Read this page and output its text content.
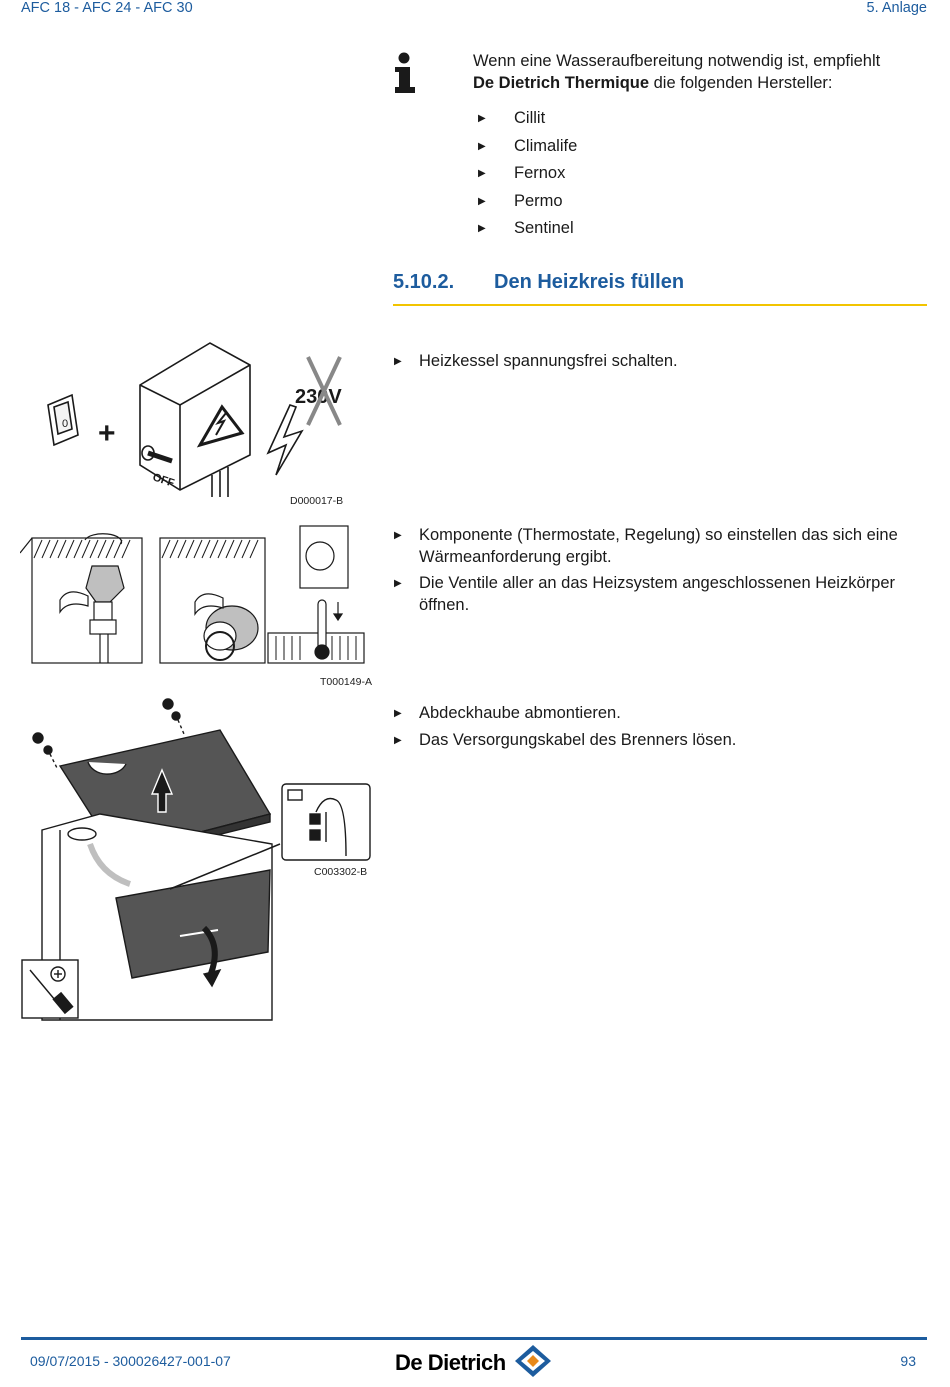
AFC 18 - AFC 24 - AFC 30	5. Anlage
Wenn eine Wasseraufbereitung notwendig ist, empfiehlt
De Dietrich Thermique die folgenden Hersteller:
▶
Cillit
▶
Climalife
▶
Fernox
▶
Permo
▶
Sentinel
5.10.2. Den Heizkreis füllen
0 +
OFF
230V
D000017-B
▶
Heizkessel spannungsfrei schalten.
T000149-A
▶
Komponente (Thermostate, Regelung) so einstellen das sich eine Wärmeanforderung ergibt.
▶
Die Ventile aller an das Heizsystem angeschlossenen Heizkörper öffnen.
C003302-B
▶
Abdeckhaube abmontieren.
▶
Das Versorgungskabel des Brenners lösen.
09/07/2015 - 300026427-001-07	De Dietrich	93
